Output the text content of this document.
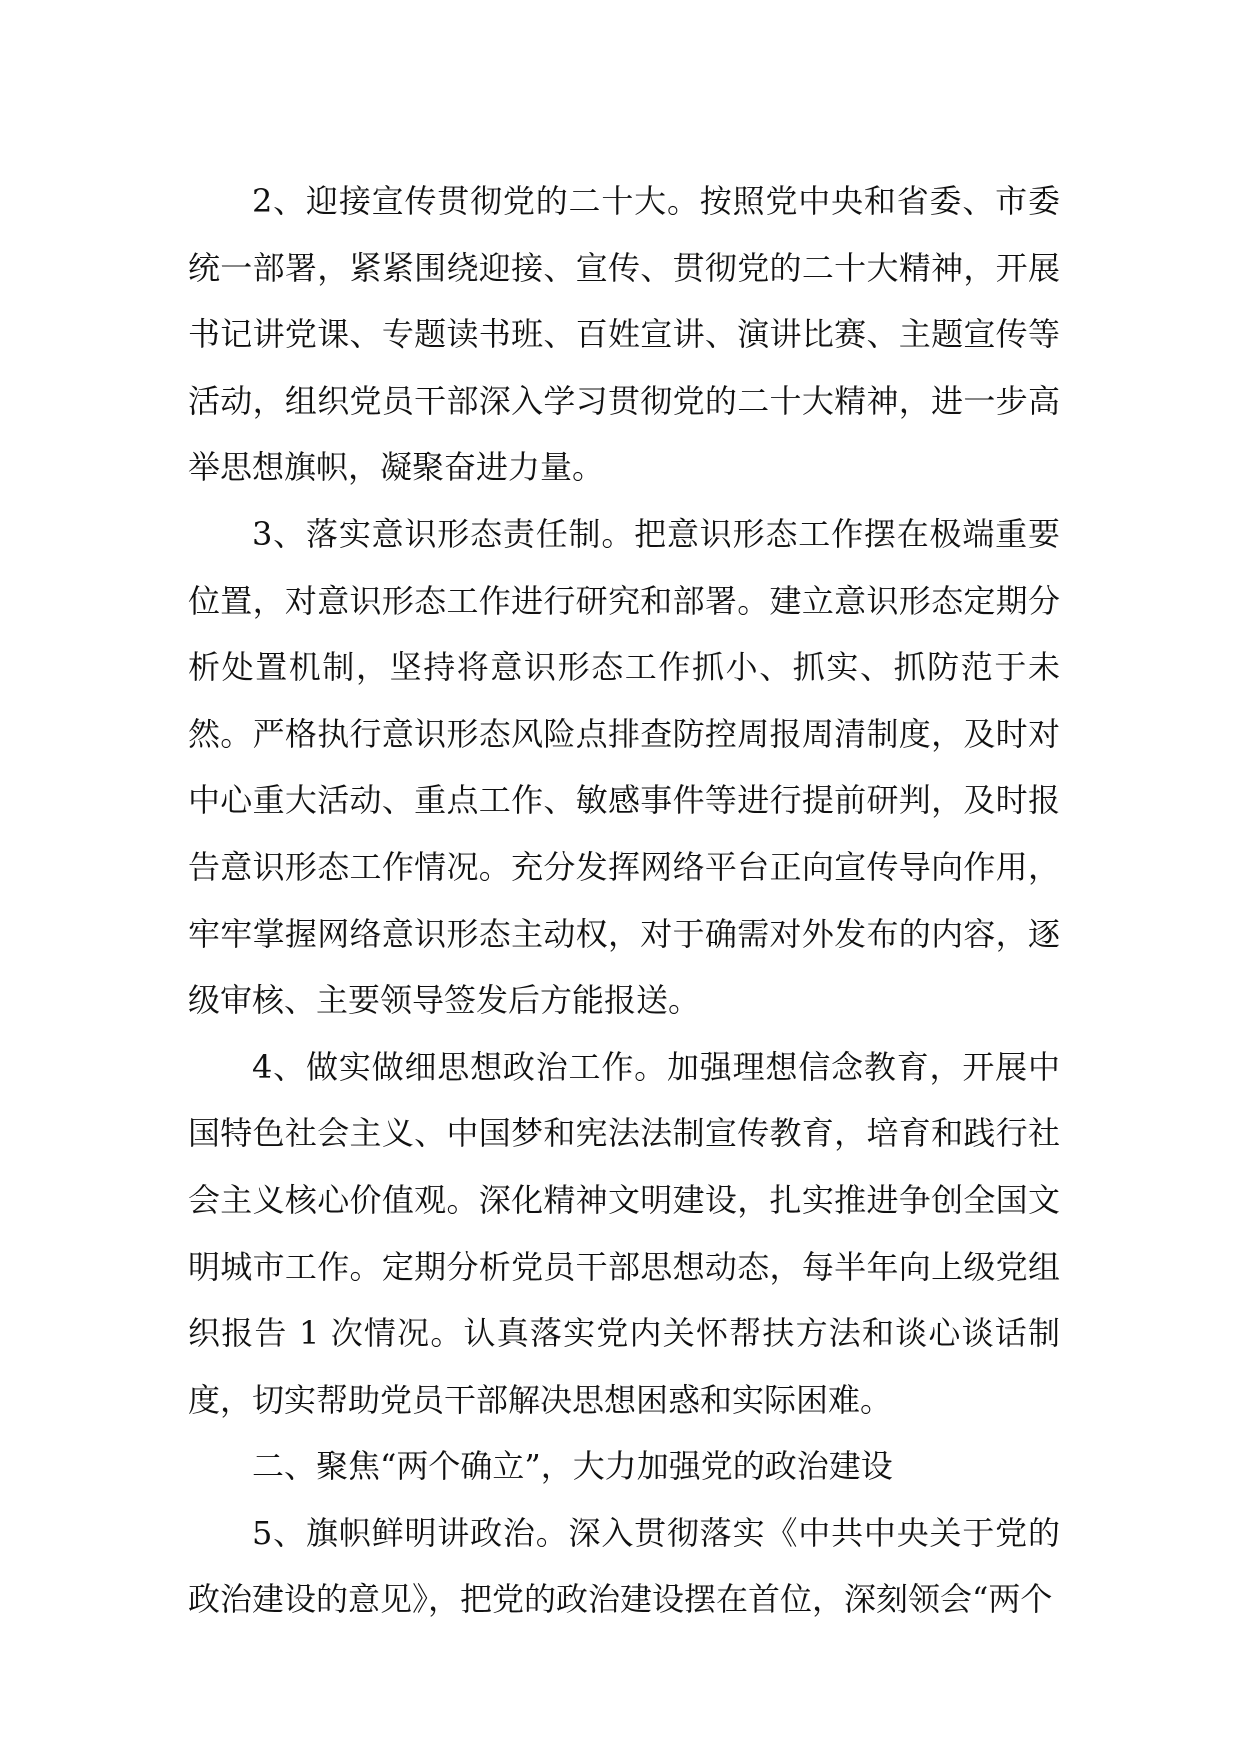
2、迎接宣传贯彻党的二十大。按照党中央和省委、市委统一部署，紧紧围绕迎接、宣传、贯彻党的二十大精神，开展书记讲党课、专题读书班、百姓宣讲、演讲比赛、主题宣传等活动，组织党员干部深入学习贯彻党的二十大精神，进一步高举思想旗帜，凝聚奋进力量。

3、落实意识形态责任制。把意识形态工作摆在极端重要位置，对意识形态工作进行研究和部署。建立意识形态定期分析处置机制，坚持将意识形态工作抓小、抓实、抓防范于未然。严格执行意识形态风险点排查防控周报周清制度，及时对中心重大活动、重点工作、敏感事件等进行提前研判，及时报告意识形态工作情况。充分发挥网络平台正向宣传导向作用，牢牢掌握网络意识形态主动权，对于确需对外发布的内容，逐级审核、主要领导签发后方能报送。

4、做实做细思想政治工作。加强理想信念教育，开展中国特色社会主义、中国梦和宪法法制宣传教育，培育和践行社会主义核心价值观。深化精神文明建设，扎实推进争创全国文明城市工作。定期分析党员干部思想动态，每半年向上级党组织报告 1 次情况。认真落实党内关怀帮扶方法和谈心谈话制度，切实帮助党员干部解决思想困惑和实际困难。

二、聚焦“两个确立”，大力加强党的政治建设

5、旗帜鲜明讲政治。深入贯彻落实《中共中央关于党的政治建设的意见》，把党的政治建设摆在首位，深刻领会“两个
